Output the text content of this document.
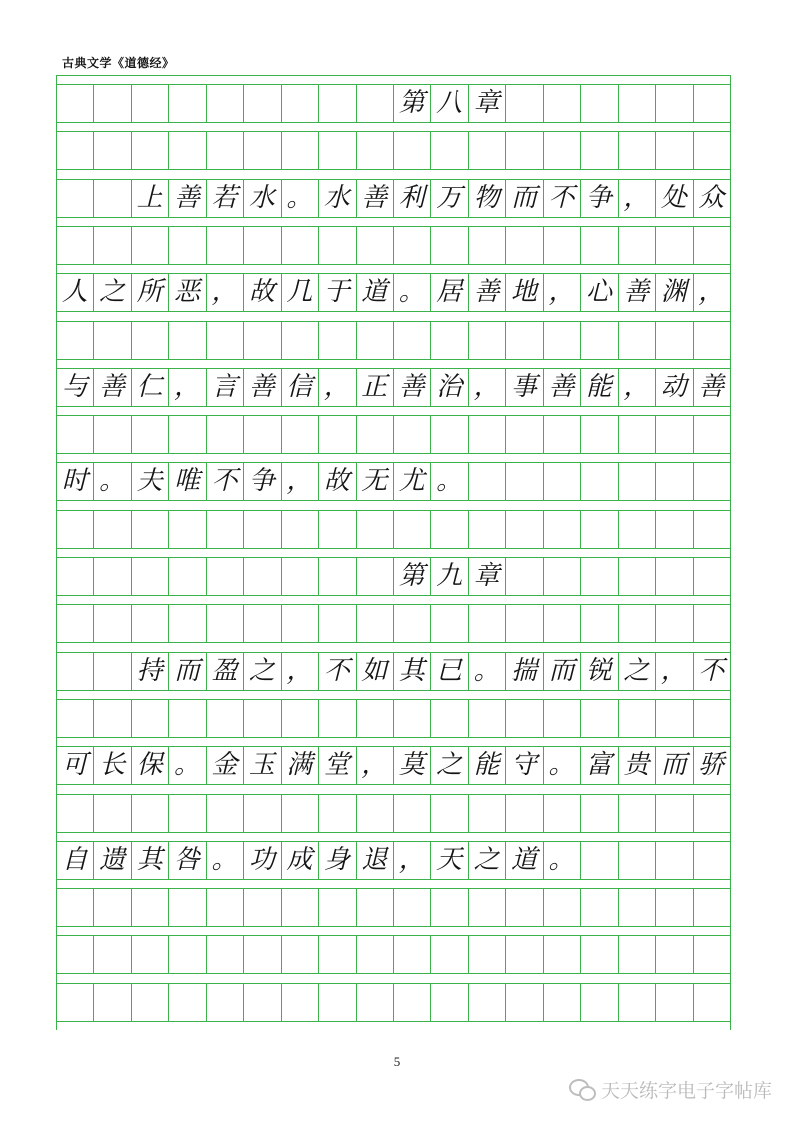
古典文学《道德经》
第 八 章
上 善 若 水 。 水 善 利 万 物 而 不 争 ， 处 众
人 之 所 恶 ， 故 几 于 道 。 居 善 地 ， 心 善 渊 ，
与 善 仁 ， 言 善 信 ， 正 善 治 ， 事 善 能 ， 动 善
时 。 夫 唯 不 争 ， 故 无 尤 。
第 九 章
持 而 盈 之 ， 不 如 其 已 。 揣 而 锐 之 ， 不
可 长 保 。 金 玉 满 堂 ， 莫 之 能 守 。 富 贵 而 骄
自 遗 其 咎 。 功 成 身 退 ， 天 之 道 。
5
天天练字电子字帖库
